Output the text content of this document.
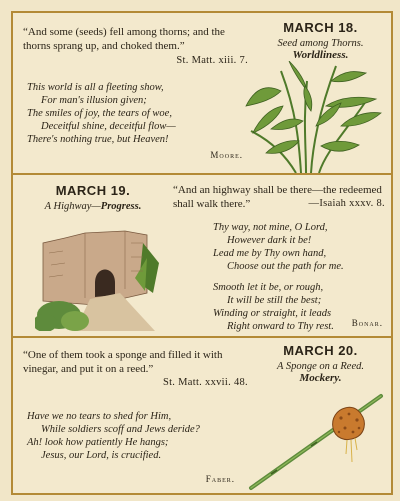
“And some (seeds) fell among thorns; and the thorns sprang up, and choked them.”
St. Matt. xiii. 7.
This world is all a fleeting show,
For man's illusion given;
The smiles of joy, the tears of woe,
Deceitful shine, deceitful flow—
There's nothing true, but Heaven!
Moore.
MARCH 18.
Seed among Thorns.
Worldliness.
MARCH 19.
A Highway—Progress.
“And an highway shall be there—the redeemed shall walk there.”	—Isaiah xxxv. 8.
Thy way, not mine, O Lord,
However dark it be!
Lead me by Thy own hand,
Choose out the path for me.
Smooth let it be, or rough,
It will be still the best;
Winding or straight, it leads
Right onward to Thy rest.	Bonar.
“One of them took a sponge and filled it with vinegar, and put it on a reed.”
St. Matt. xxvii. 48.
Have we no tears to shed for Him,
While soldiers scoff and Jews deride?
Ah! look how patiently He hangs;
Jesus, our Lord, is crucified.
Faber.
MARCH 20.
A Sponge on a Reed.
Mockery.
